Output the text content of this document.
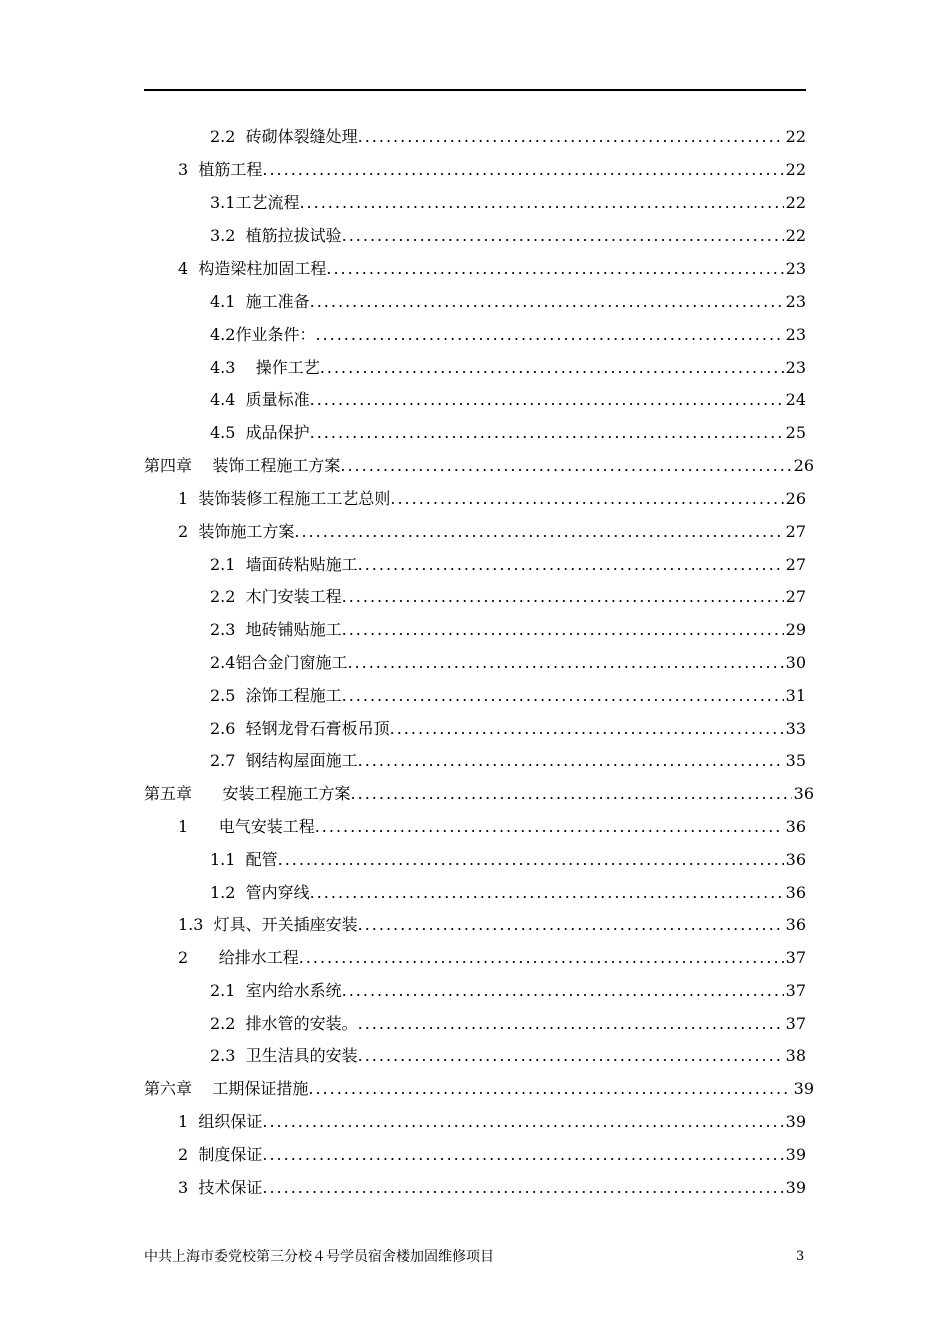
2.2  砖砌体裂缝处理 .....	22
3  植筋工程 .....	22
3.1工艺流程 .....	22
3.2  植筋拉拔试验 .....	22
4  构造梁柱加固工程 .....	23
4.1  施工准备 .....	23
4.2作业条件： .....	23
4.3    操作工艺 .....	23
4.4  质量标准 .....	24
4.5  成品保护 .....	25
第四章    装饰工程施工方案 .....	26
1  装饰装修工程施工工艺总则 .....	26
2  装饰施工方案 .....	27
2.1  墙面砖粘贴施工 .....	27
2.2  木门安装工程 .....	27
2.3  地砖铺贴施工 .....	29
2.4铝合金门窗施工 .....	30
2.5  涂饰工程施工 .....	31
2.6  轻钢龙骨石膏板吊顶 .....	33
2.7  钢结构屋面施工 .....	35
第五章      安装工程施工方案 .....	36
1      电气安装工程 .....	36
1.1  配管 .....	36
1.2  管内穿线 .....	36
1.3  灯具、开关插座安装 .....	36
2      给排水工程 .....	37
2.1  室内给水系统 .....	37
2.2  排水管的安装。 .....	37
2.3  卫生洁具的安装 .....	38
第六章    工期保证措施 .....	39
1  组织保证 .....	39
2  制度保证 .....	39
3  技术保证 .....	39
中共上海市委党校第三分校４号学员宿舍楼加固维修项目	3
